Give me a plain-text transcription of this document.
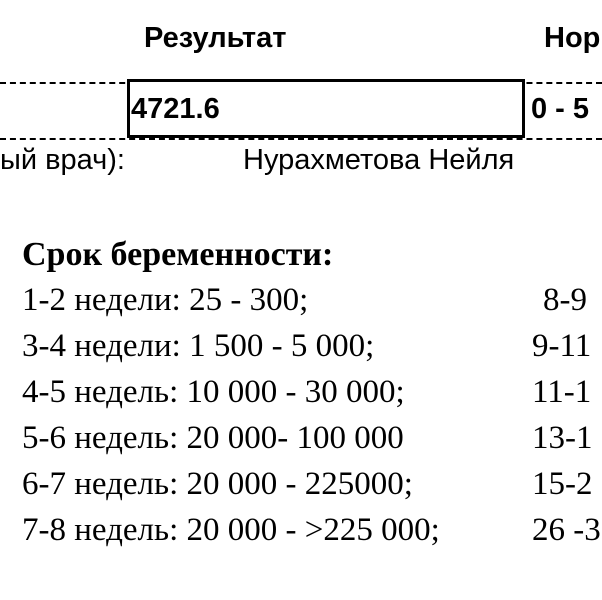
Результат	Нор
4721.6	0 - 5
ый врач):	Нурахметова Нейля
Срок беременности:
1-2 недели: 25 - 300;	8-9
3-4 недели: 1 500 - 5 000;	9-11
4-5 недель: 10 000 - 30 000;	11-1
5-6 недель: 20 000- 100 000	13-1
6-7 недель: 20 000 - 225000;	15-2
7-8 недель: 20 000 - >225 000;	26 -3
